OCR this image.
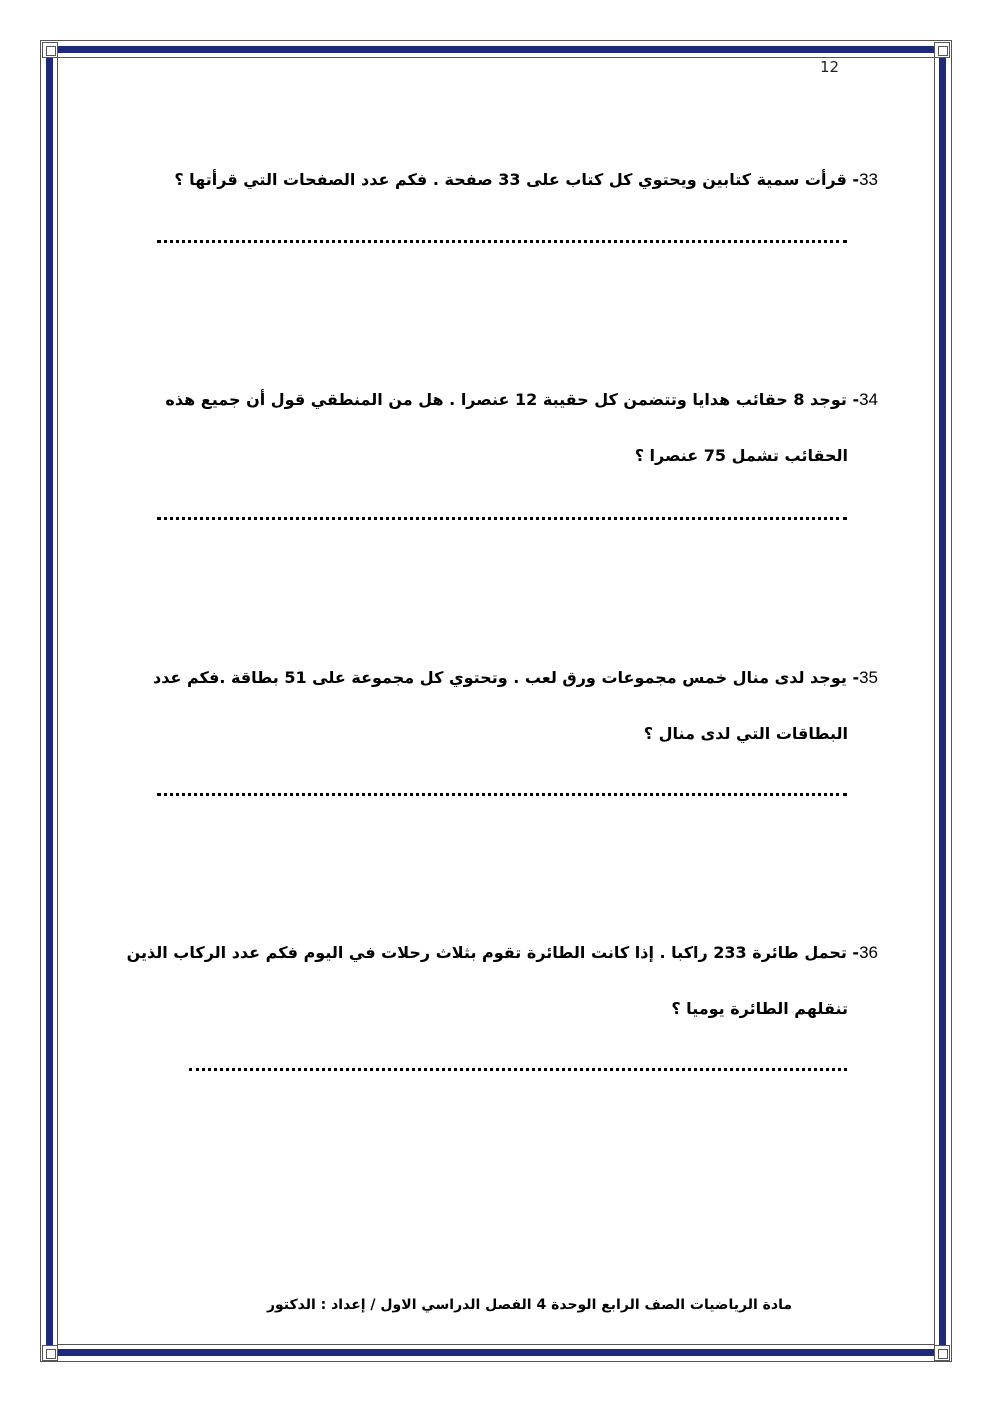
12
33- قرأت سمية كتابين ويحتوي كل كتاب على 33 صفحة . فكم عدد الصفحات التي قرأتها ؟
34- توجد 8 حقائب هدايا وتتضمن كل حقيبة 12 عنصرا . هل من المنطقي قول أن جميع هذه
الحقائب تشمل 75 عنصرا ؟
35- يوجد لدى منال خمس مجموعات ورق لعب . وتحتوي كل مجموعة على 51 بطاقة .فكم عدد
البطاقات التي لدى منال ؟
36- تحمل طائرة 233 راكبا . إذا كانت الطائرة تقوم بثلاث رحلات في اليوم فكم عدد الركاب الذين
تنقلهم الطائرة يوميا ؟
مادة الرياضيات الصف الرابع الوحدة 4 الفصل الدراسي الاول / إعداد : الدكتور
